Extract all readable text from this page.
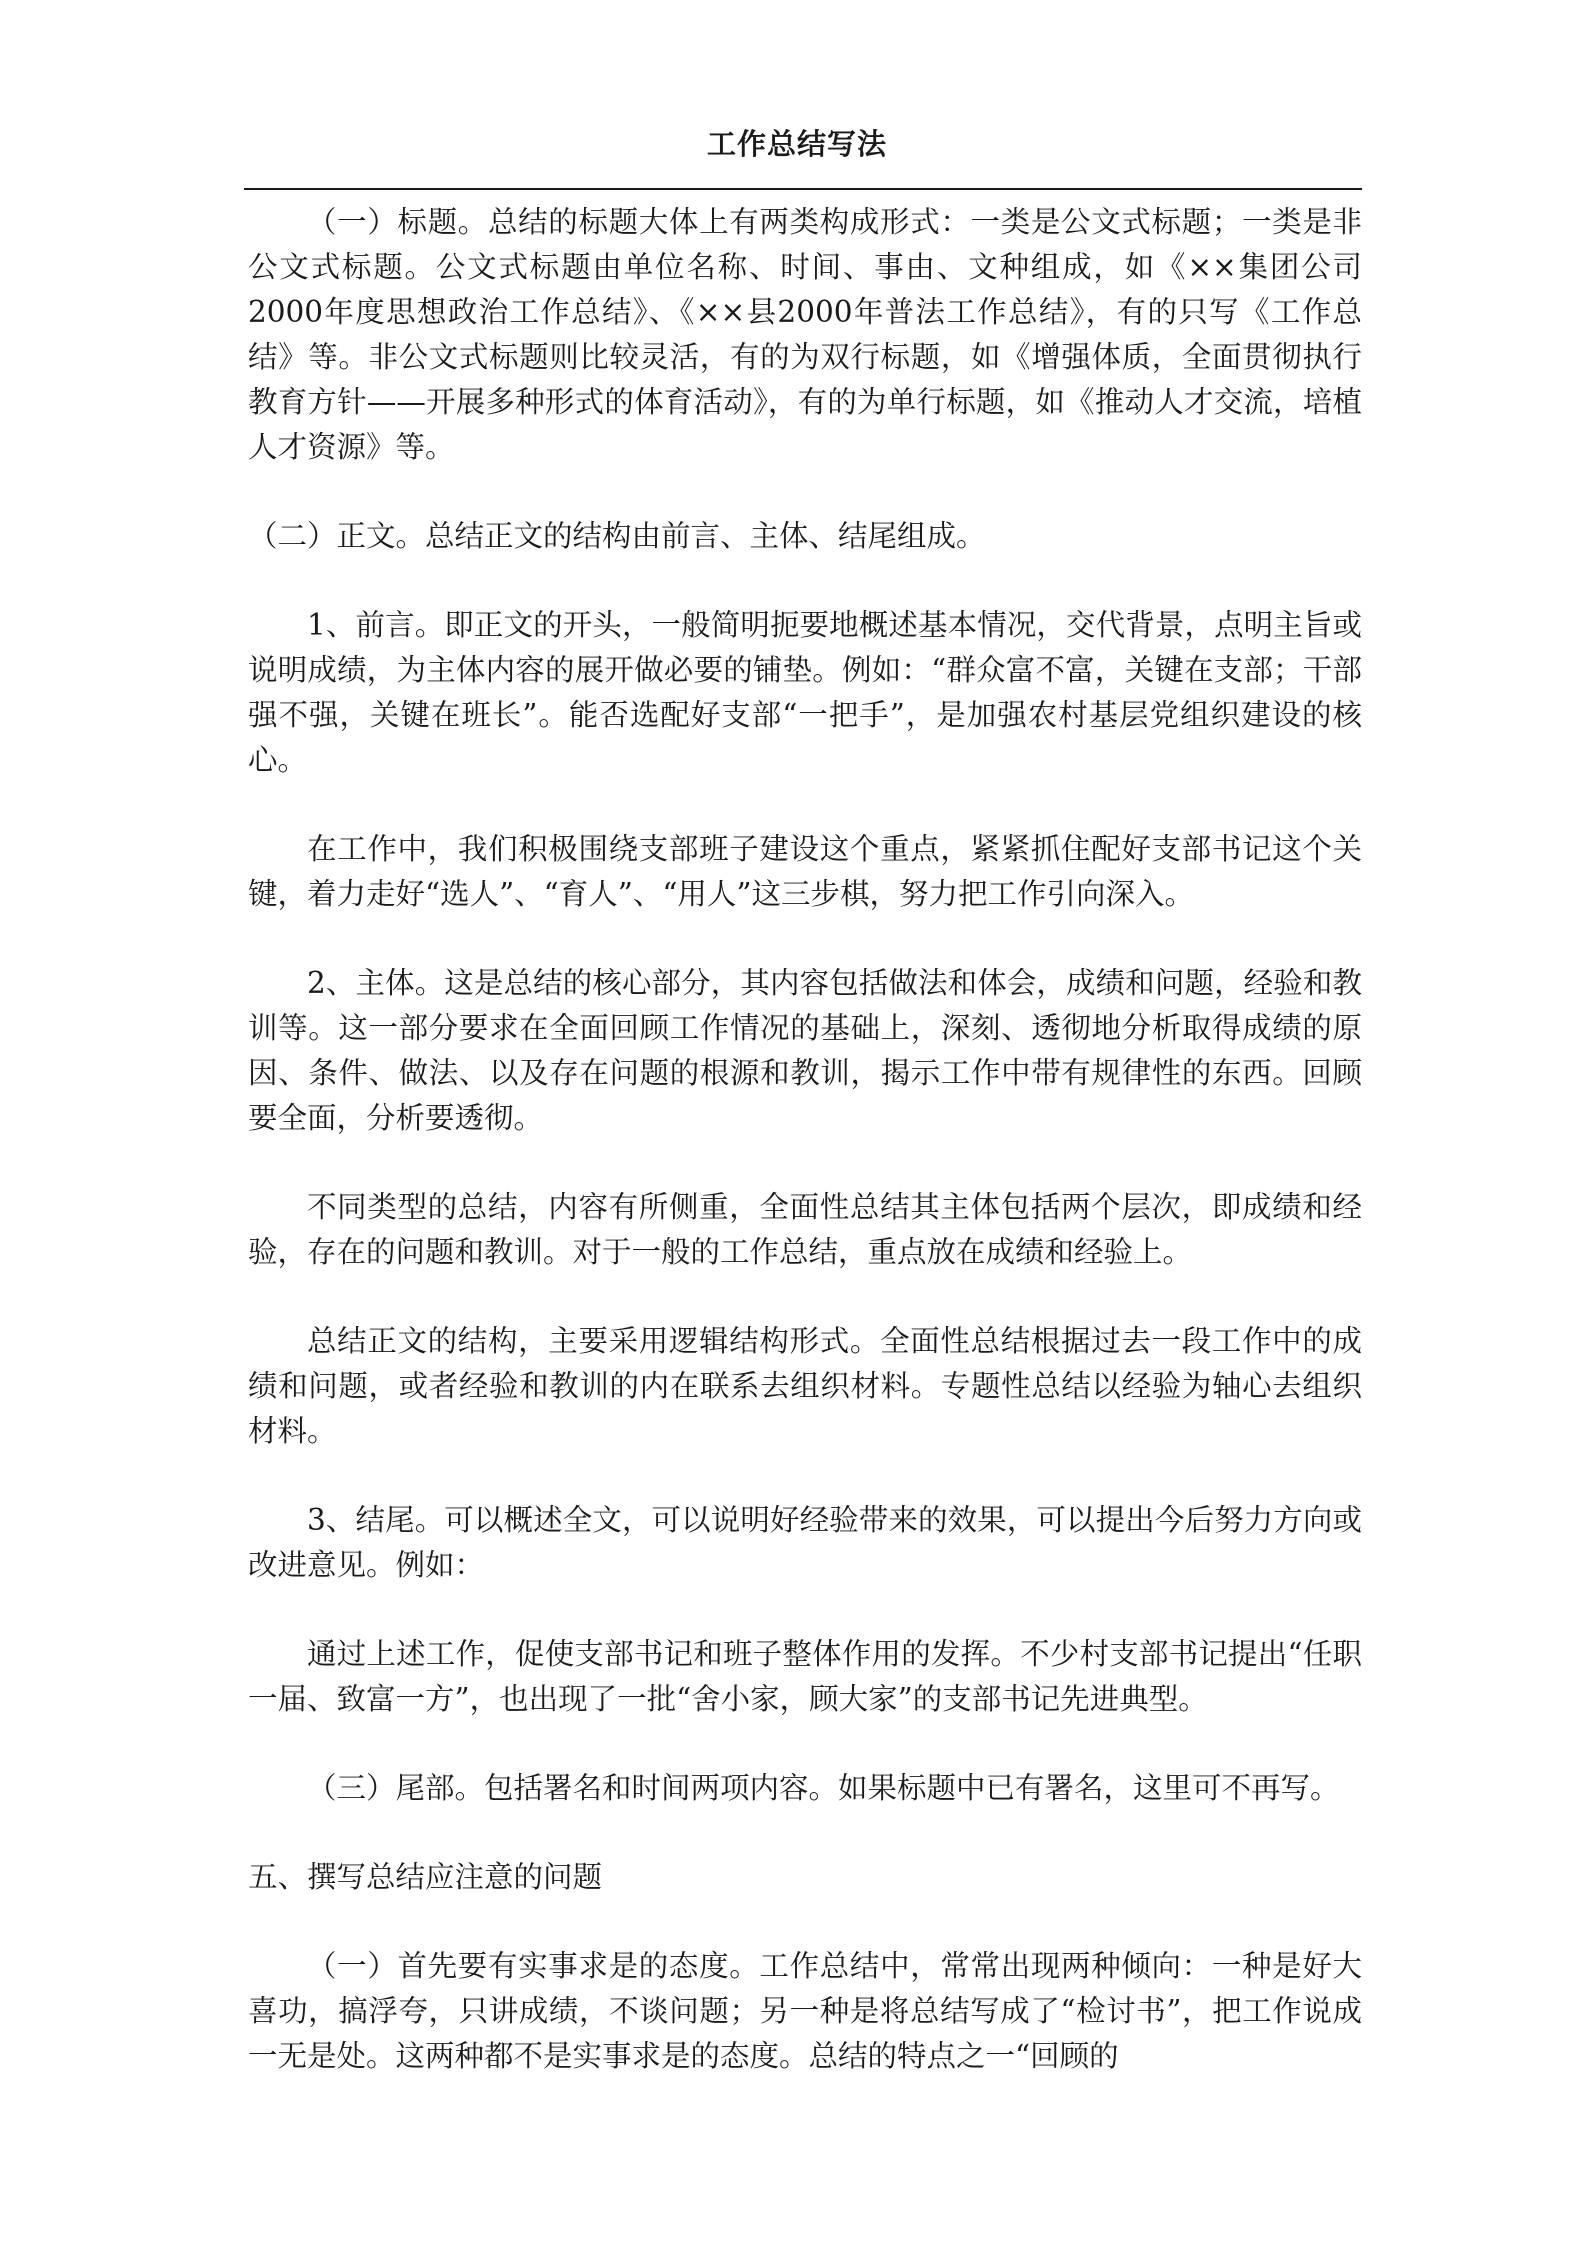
工作总结写法

（一）标题。总结的标题大体上有两类构成形式：一类是公文式标题；一类是非公文式标题。公文式标题由单位名称、时间、事由、文种组成，如《××集团公司2000年度思想政治工作总结》、《××县2000年普法工作总结》，有的只写《工作总结》等。非公文式标题则比较灵活，有的为双行标题，如《增强体质，全面贯彻执行教育方针——开展多种形式的体育活动》，有的为单行标题，如《推动人才交流，培植人才资源》等。

（二）正文。总结正文的结构由前言、主体、结尾组成。

1、前言。即正文的开头，一般简明扼要地概述基本情况，交代背景，点明主旨或说明成绩，为主体内容的展开做必要的铺垫。例如：“群众富不富，关键在支部；干部强不强，关键在班长”。能否选配好支部“一把手”，是加强农村基层党组织建设的核心。

在工作中，我们积极围绕支部班子建设这个重点，紧紧抓住配好支部书记这个关键，着力走好“选人”、“育人”、“用人”这三步棋，努力把工作引向深入。

2、主体。这是总结的核心部分，其内容包括做法和体会，成绩和问题，经验和教训等。这一部分要求在全面回顾工作情况的基础上，深刻、透彻地分析取得成绩的原因、条件、做法、以及存在问题的根源和教训，揭示工作中带有规律性的东西。回顾要全面，分析要透彻。

不同类型的总结，内容有所侧重，全面性总结其主体包括两个层次，即成绩和经验，存在的问题和教训。对于一般的工作总结，重点放在成绩和经验上。

总结正文的结构，主要采用逻辑结构形式。全面性总结根据过去一段工作中的成绩和问题，或者经验和教训的内在联系去组织材料。专题性总结以经验为轴心去组织材料。

3、结尾。可以概述全文，可以说明好经验带来的效果，可以提出今后努力方向或改进意见。例如：

通过上述工作，促使支部书记和班子整体作用的发挥。不少村支部书记提出“任职一届、致富一方”，也出现了一批“舍小家，顾大家”的支部书记先进典型。

（三）尾部。包括署名和时间两项内容。如果标题中已有署名，这里可不再写。

五、撰写总结应注意的问题

（一）首先要有实事求是的态度。工作总结中，常常出现两种倾向：一种是好大喜功，搞浮夸，只讲成绩，不谈问题；另一种是将总结写成了“检讨书”，把工作说成一无是处。这两种都不是实事求是的态度。总结的特点之一“回顾的
